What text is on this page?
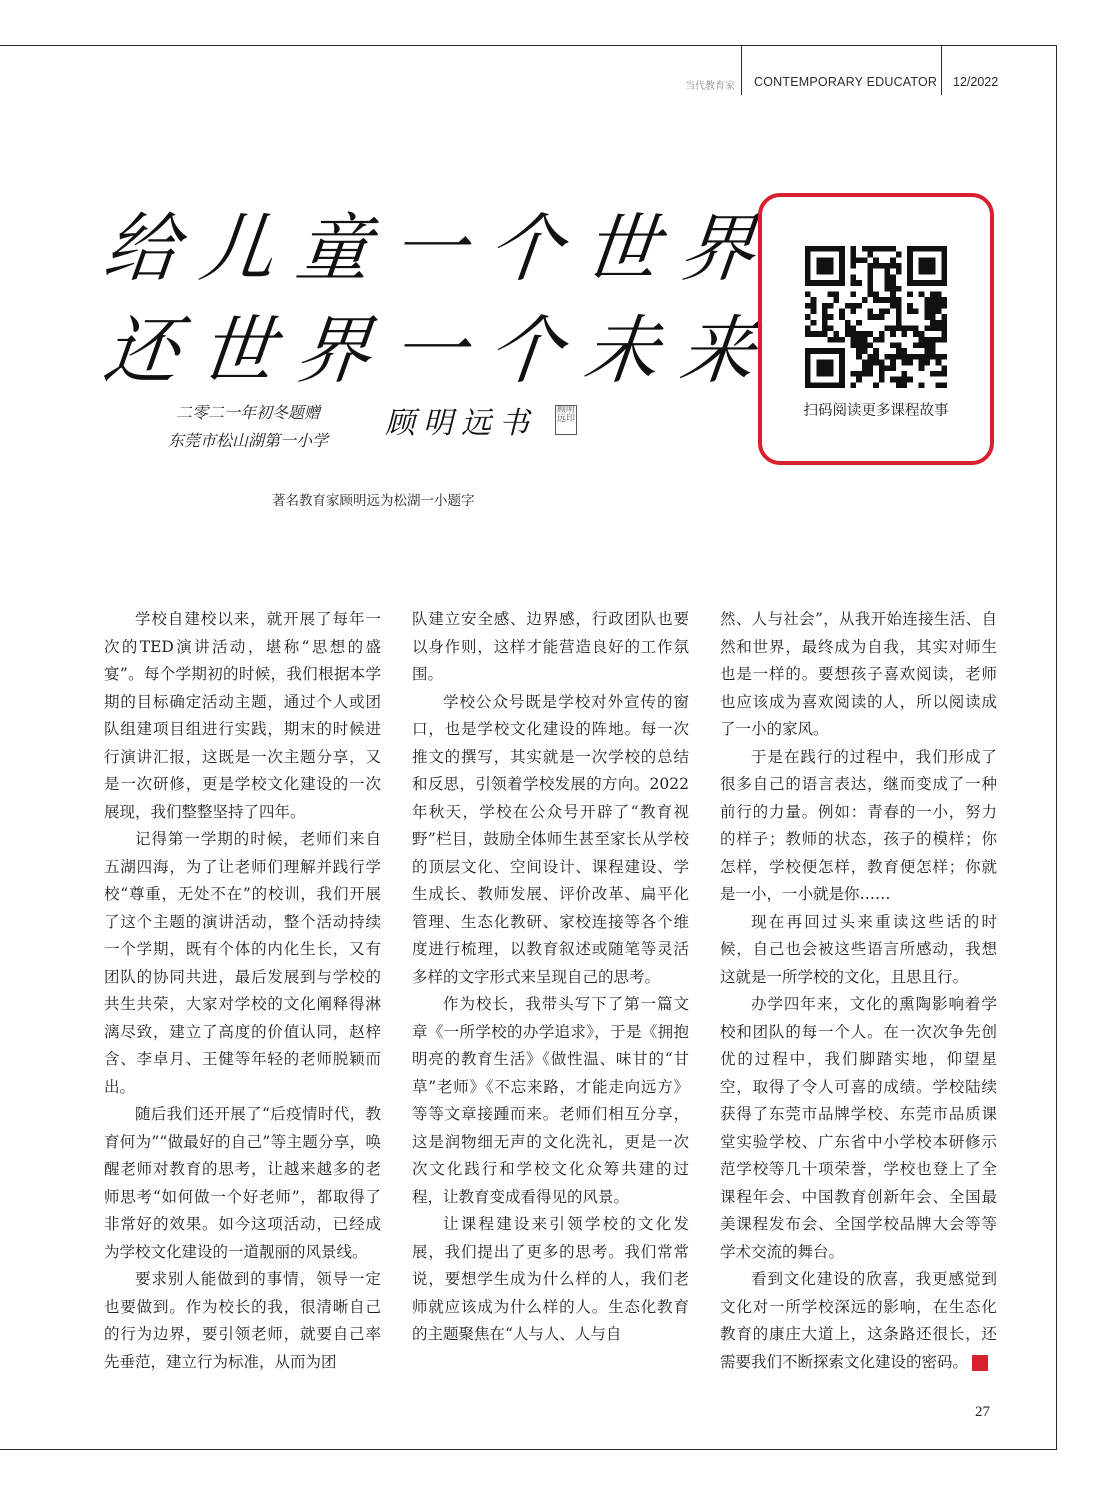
当代教育家 CONTEMPORARY EDUCATOR 12/2022
给儿童一个世界
还世界一个未来
二零二一年初冬题赠
东莞市松山湖第一小学 顾明远书 顾明远印
著名教育家顾明远为松湖一小题字
扫码阅读更多课程故事

学校自建校以来，就开展了每年一次的TED演讲活动，堪称“思想的盛宴”。每个学期初的时候，我们根据本学期的目标确定活动主题，通过个人或团队组建项目组进行实践，期末的时候进行演讲汇报，这既是一次主题分享，又是一次研修，更是学校文化建设的一次展现，我们整整坚持了四年。

记得第一学期的时候，老师们来自五湖四海，为了让老师们理解并践行学校“尊重，无处不在”的校训，我们开展了这个主题的演讲活动，整个活动持续一个学期，既有个体的内化生长，又有团队的协同共进，最后发展到与学校的共生共荣，大家对学校的文化阐释得淋漓尽致，建立了高度的价值认同，赵梓含、李卓月、王健等年轻的老师脱颖而出。

随后我们还开展了“后疫情时代，教育何为”“做最好的自己”等主题分享，唤醒老师对教育的思考，让越来越多的老师思考“如何做一个好老师”，都取得了非常好的效果。如今这项活动，已经成为学校文化建设的一道靓丽的风景线。

要求别人能做到的事情，领导一定也要做到。作为校长的我，很清晰自己的行为边界，要引领老师，就要自己率先垂范，建立行为标准，从而为团

队建立安全感、边界感，行政团队也要以身作则，这样才能营造良好的工作氛围。

学校公众号既是学校对外宣传的窗口，也是学校文化建设的阵地。每一次推文的撰写，其实就是一次学校的总结和反思，引领着学校发展的方向。2022年秋天，学校在公众号开辟了“教育视野”栏目，鼓励全体师生甚至家长从学校的顶层文化、空间设计、课程建设、学生成长、教师发展、评价改革、扁平化管理、生态化教研、家校连接等各个维度进行梳理，以教育叙述或随笔等灵活多样的文字形式来呈现自己的思考。

作为校长，我带头写下了第一篇文章《一所学校的办学追求》，于是《拥抱明亮的教育生活》《做性温、味甘的“甘草”老师》《不忘来路，才能走向远方》等等文章接踵而来。老师们相互分享，这是润物细无声的文化洗礼，更是一次次文化践行和学校文化众筹共建的过程，让教育变成看得见的风景。

让课程建设来引领学校的文化发展，我们提出了更多的思考。我们常常说，要想学生成为什么样的人，我们老师就应该成为什么样的人。生态化教育的主题聚焦在“人与人、人与自

然、人与社会”，从我开始连接生活、自然和世界，最终成为自我，其实对师生也是一样的。要想孩子喜欢阅读，老师也应该成为喜欢阅读的人，所以阅读成了一小的家风。

于是在践行的过程中，我们形成了很多自己的语言表达，继而变成了一种前行的力量。例如：青春的一小，努力的样子；教师的状态，孩子的模样；你怎样，学校便怎样，教育便怎样；你就是一小，一小就是你……

现在再回过头来重读这些话的时候，自己也会被这些语言所感动，我想这就是一所学校的文化，且思且行。

办学四年来，文化的熏陶影响着学校和团队的每一个人。在一次次争先创优的过程中，我们脚踏实地，仰望星空，取得了令人可喜的成绩。学校陆续获得了东莞市品牌学校、东莞市品质课堂实验学校、广东省中小学校本研修示范学校等几十项荣誉，学校也登上了全课程年会、中国教育创新年会、全国最美课程发布会、全国学校品牌大会等等学术交流的舞台。

看到文化建设的欣喜，我更感觉到文化对一所学校深远的影响，在生态化教育的康庄大道上，这条路还很长，还需要我们不断探索文化建设的密码。	家

27
